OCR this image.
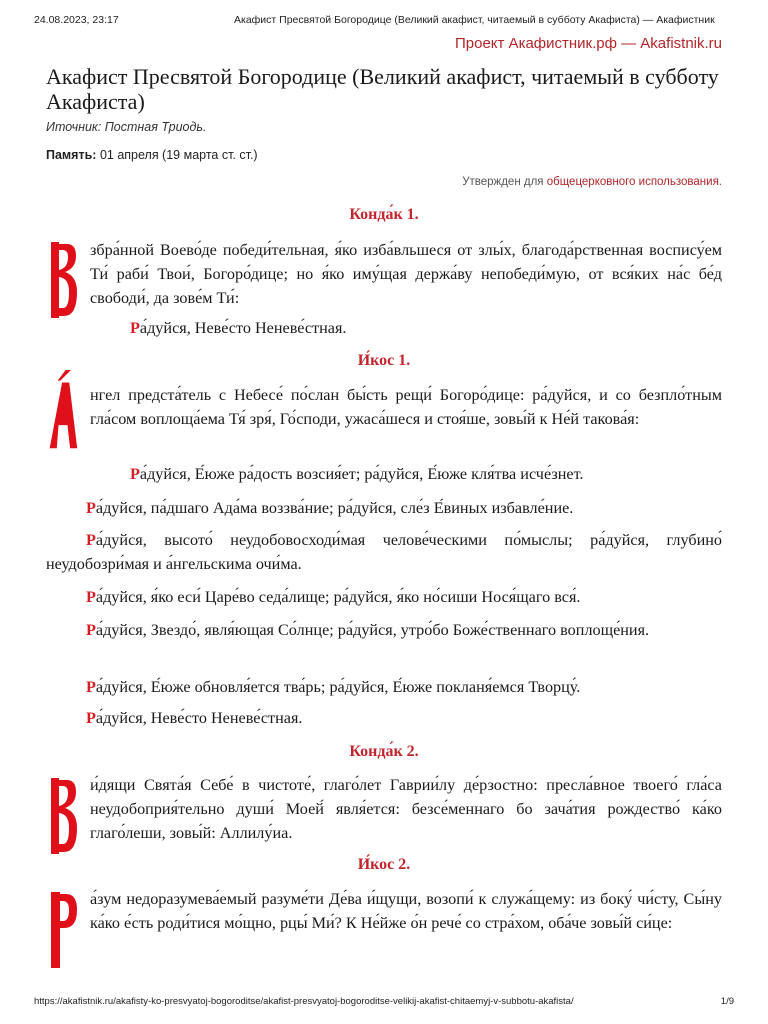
24.08.2023, 23:17	Акафист Пресвятой Богородице (Великий акафист, читаемый в субботу Акафиста) — Акафистник
Проект Акафистник.рф — Akafistnik.ru
Акафист Пресвятой Богородице (Великий акафист, читаемый в субботу Акафиста)
Иточник: Постная Триодь.
Память: 01 апреля (19 марта ст. ст.)
Утвержден для общецерковного использования.
Конда́к 1.

збра́нной Воево́де победи́тельная, я́ко изба́вльшеся от злы́х, благода́рственная воспису́ем Ти́ раби́ Твои́, Богоро́дице; но я́ко иму́щая держа́ву непобеди́мую, от вся́ких на́с бе́д свободи́, да зове́м Ти́:

Ра́дуйся, Неве́сто Неневе́стная.
И́кос 1.

нгел предста́тель с Небесе́ по́слан бы́сть рещи́ Богоро́дице: ра́дуйся, и со безпло́тным гла́сом воплоща́ема Тя́ зря́, Го́споди, ужаса́шеся и стоя́ше, зовы́й к Не́й такова́я:

Ра́дуйся, Е́юже ра́дость возсия́ет; ра́дуйся, Е́юже кля́тва исче́знет.

Ра́дуйся, па́дшаго Ада́ма воззва́ние; ра́дуйся, сле́з Е́виных избавле́ние.

Ра́дуйся, высото́ неудобовосходи́мая челове́ческими по́мыслы; ра́дуйся, глубино́ неудобозри́мая и а́нгельскима очи́ма.

Ра́дуйся, я́ко еси́ Царе́во седа́лище; ра́дуйся, я́ко но́сиши Нося́щаго вся́.

Ра́дуйся, Звездо́, явля́ющая Со́лнце; ра́дуйся, утро́бо Боже́ственнаго воплоще́ния.

Ра́дуйся, Е́юже обновля́ется тва́рь; ра́дуйся, Е́юже покланя́емся Творцу́.

Ра́дуйся, Неве́сто Неневе́стная.

Конда́к 2.

и́дящи Свята́я Себе́ в чистоте́, глаго́лет Гаврии́лу де́рзостно: пресла́вное твоего́ гла́са неудобоприя́тельно души́ Моей́ явля́ется: безсе́меннаго бо зача́тия рождество́ ка́ко глаго́леши, зовы́й: Аллилу́иа.

И́кос 2.

а́зум недоразумева́емый разуме́ти Де́ва и́щущи, возопи́ к служа́щему: из боку́ чи́сту, Сы́ну ка́ко е́сть роди́тися мо́щно, рцы́ Ми́? К Не́йже о́н рече́ со стра́хом, оба́че зовы́й си́це:

https://akafistnik.ru/akafisty-ko-presvyatoj-bogoroditse/akafist-presvyatoj-bogoroditse-velikij-akafist-chitaemyj-v-subbotu-akafista/	1/9
